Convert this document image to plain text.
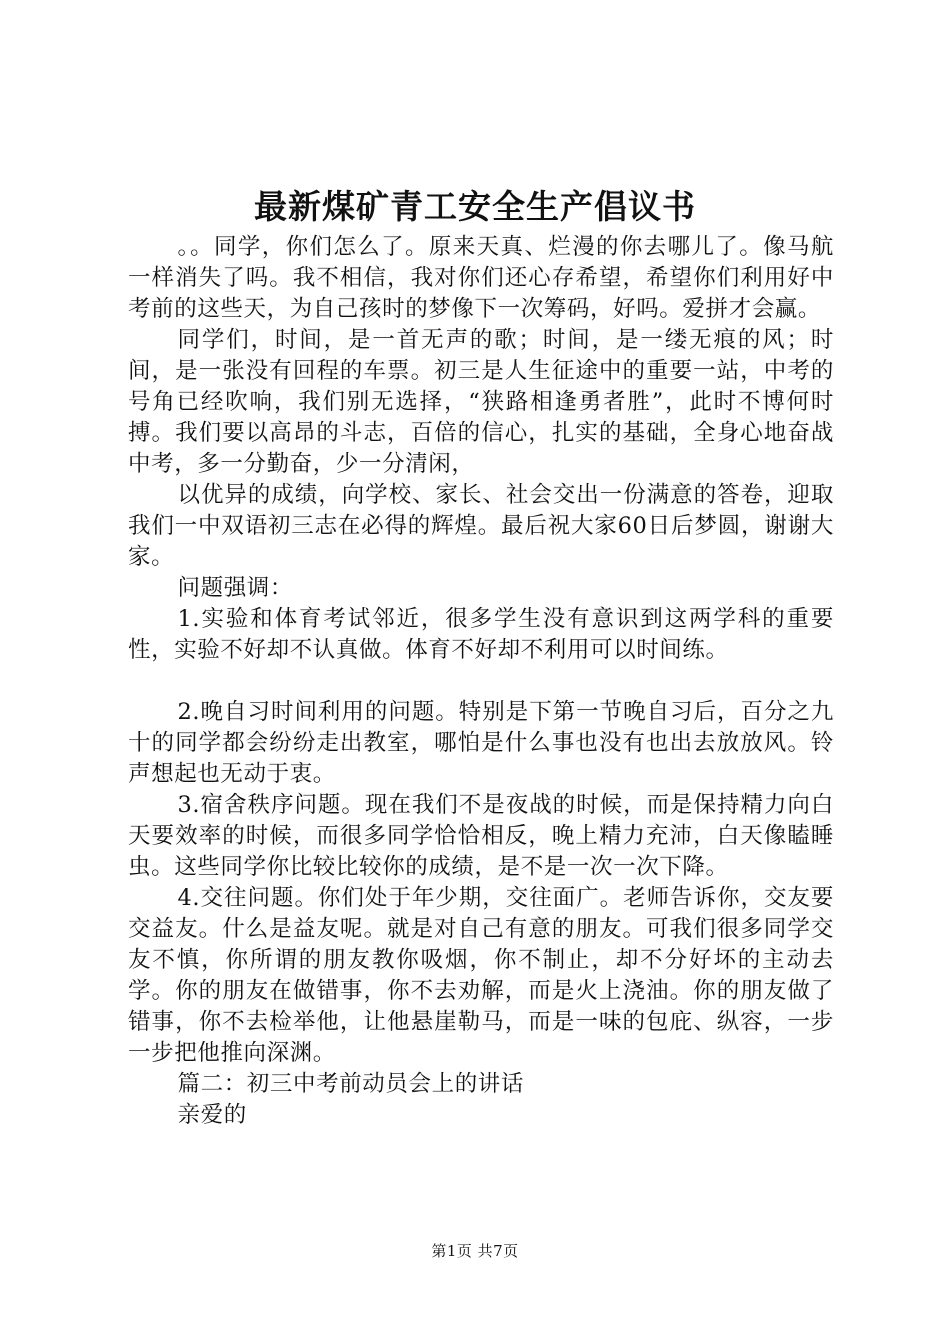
最新煤矿青工安全生产倡议书

。。同学，你们怎么了。原来天真、烂漫的你去哪儿了。像马航一样消失了吗。我不相信，我对你们还心存希望，希望你们利用好中考前的这些天，为自己孩时的梦像下一次筹码，好吗。爱拼才会赢。

同学们，时间，是一首无声的歌；时间，是一缕无痕的风；时间，是一张没有回程的车票。初三是人生征途中的重要一站，中考的号角已经吹响，我们别无选择，“狭路相逢勇者胜”，此时不博何时搏。我们要以高昂的斗志，百倍的信心，扎实的基础，全身心地奋战中考，多一分勤奋，少一分清闲，

以优异的成绩，向学校、家长、社会交出一份满意的答卷，迎取我们一中双语初三志在必得的辉煌。最后祝大家60日后梦圆，谢谢大家。

问题强调：

1.实验和体育考试邻近，很多学生没有意识到这两学科的重要性，实验不好却不认真做。体育不好却不利用可以时间练。

2.晚自习时间利用的问题。特别是下第一节晚自习后，百分之九十的同学都会纷纷走出教室，哪怕是什么事也没有也出去放放风。铃声想起也无动于衷。

3.宿舍秩序问题。现在我们不是夜战的时候，而是保持精力向白天要效率的时候，而很多同学恰恰相反，晚上精力充沛，白天像瞌睡虫。这些同学你比较比较你的成绩，是不是一次一次下降。

4.交往问题。你们处于年少期，交往面广。老师告诉你，交友要交益友。什么是益友呢。就是对自己有意的朋友。可我们很多同学交友不慎，你所谓的朋友教你吸烟，你不制止，却不分好坏的主动去学。你的朋友在做错事，你不去劝解，而是火上浇油。你的朋友做了错事，你不去检举他，让他悬崖勒马，而是一味的包庇、纵容，一步一步把他推向深渊。

篇二：初三中考前动员会上的讲话

亲爱的

第1页 共7页
